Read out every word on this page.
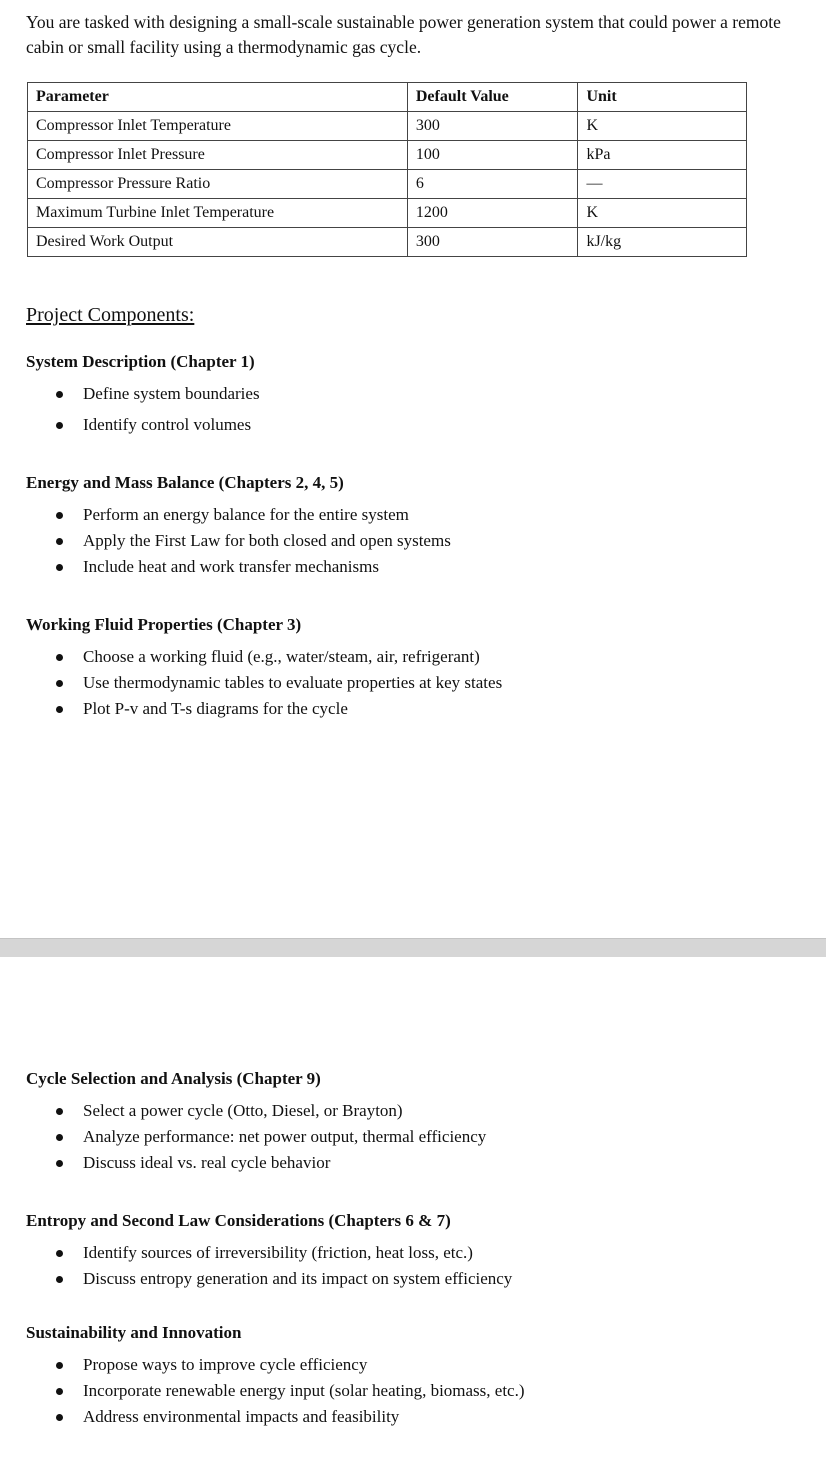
You are tasked with designing a small-scale sustainable power generation system that could power a remote cabin or small facility using a thermodynamic gas cycle.
Parameter	Default Value	Unit
Compressor Inlet Temperature	300	K
Compressor Inlet Pressure	100	kPa
Compressor Pressure Ratio	6	—
Maximum Turbine Inlet Temperature	1200	K
Desired Work Output	300	kJ/kg
Project Components:
System Description (Chapter 1)
Define system boundaries
Identify control volumes
Energy and Mass Balance (Chapters 2, 4, 5)
Perform an energy balance for the entire system
Apply the First Law for both closed and open systems
Include heat and work transfer mechanisms
Working Fluid Properties (Chapter 3)
Choose a working fluid (e.g., water/steam, air, refrigerant)
Use thermodynamic tables to evaluate properties at key states
Plot P-v and T-s diagrams for the cycle
Cycle Selection and Analysis (Chapter 9)
Select a power cycle (Otto, Diesel, or Brayton)
Analyze performance: net power output, thermal efficiency
Discuss ideal vs. real cycle behavior
Entropy and Second Law Considerations (Chapters 6 & 7)
Identify sources of irreversibility (friction, heat loss, etc.)
Discuss entropy generation and its impact on system efficiency
Sustainability and Innovation
Propose ways to improve cycle efficiency
Incorporate renewable energy input (solar heating, biomass, etc.)
Address environmental impacts and feasibility
